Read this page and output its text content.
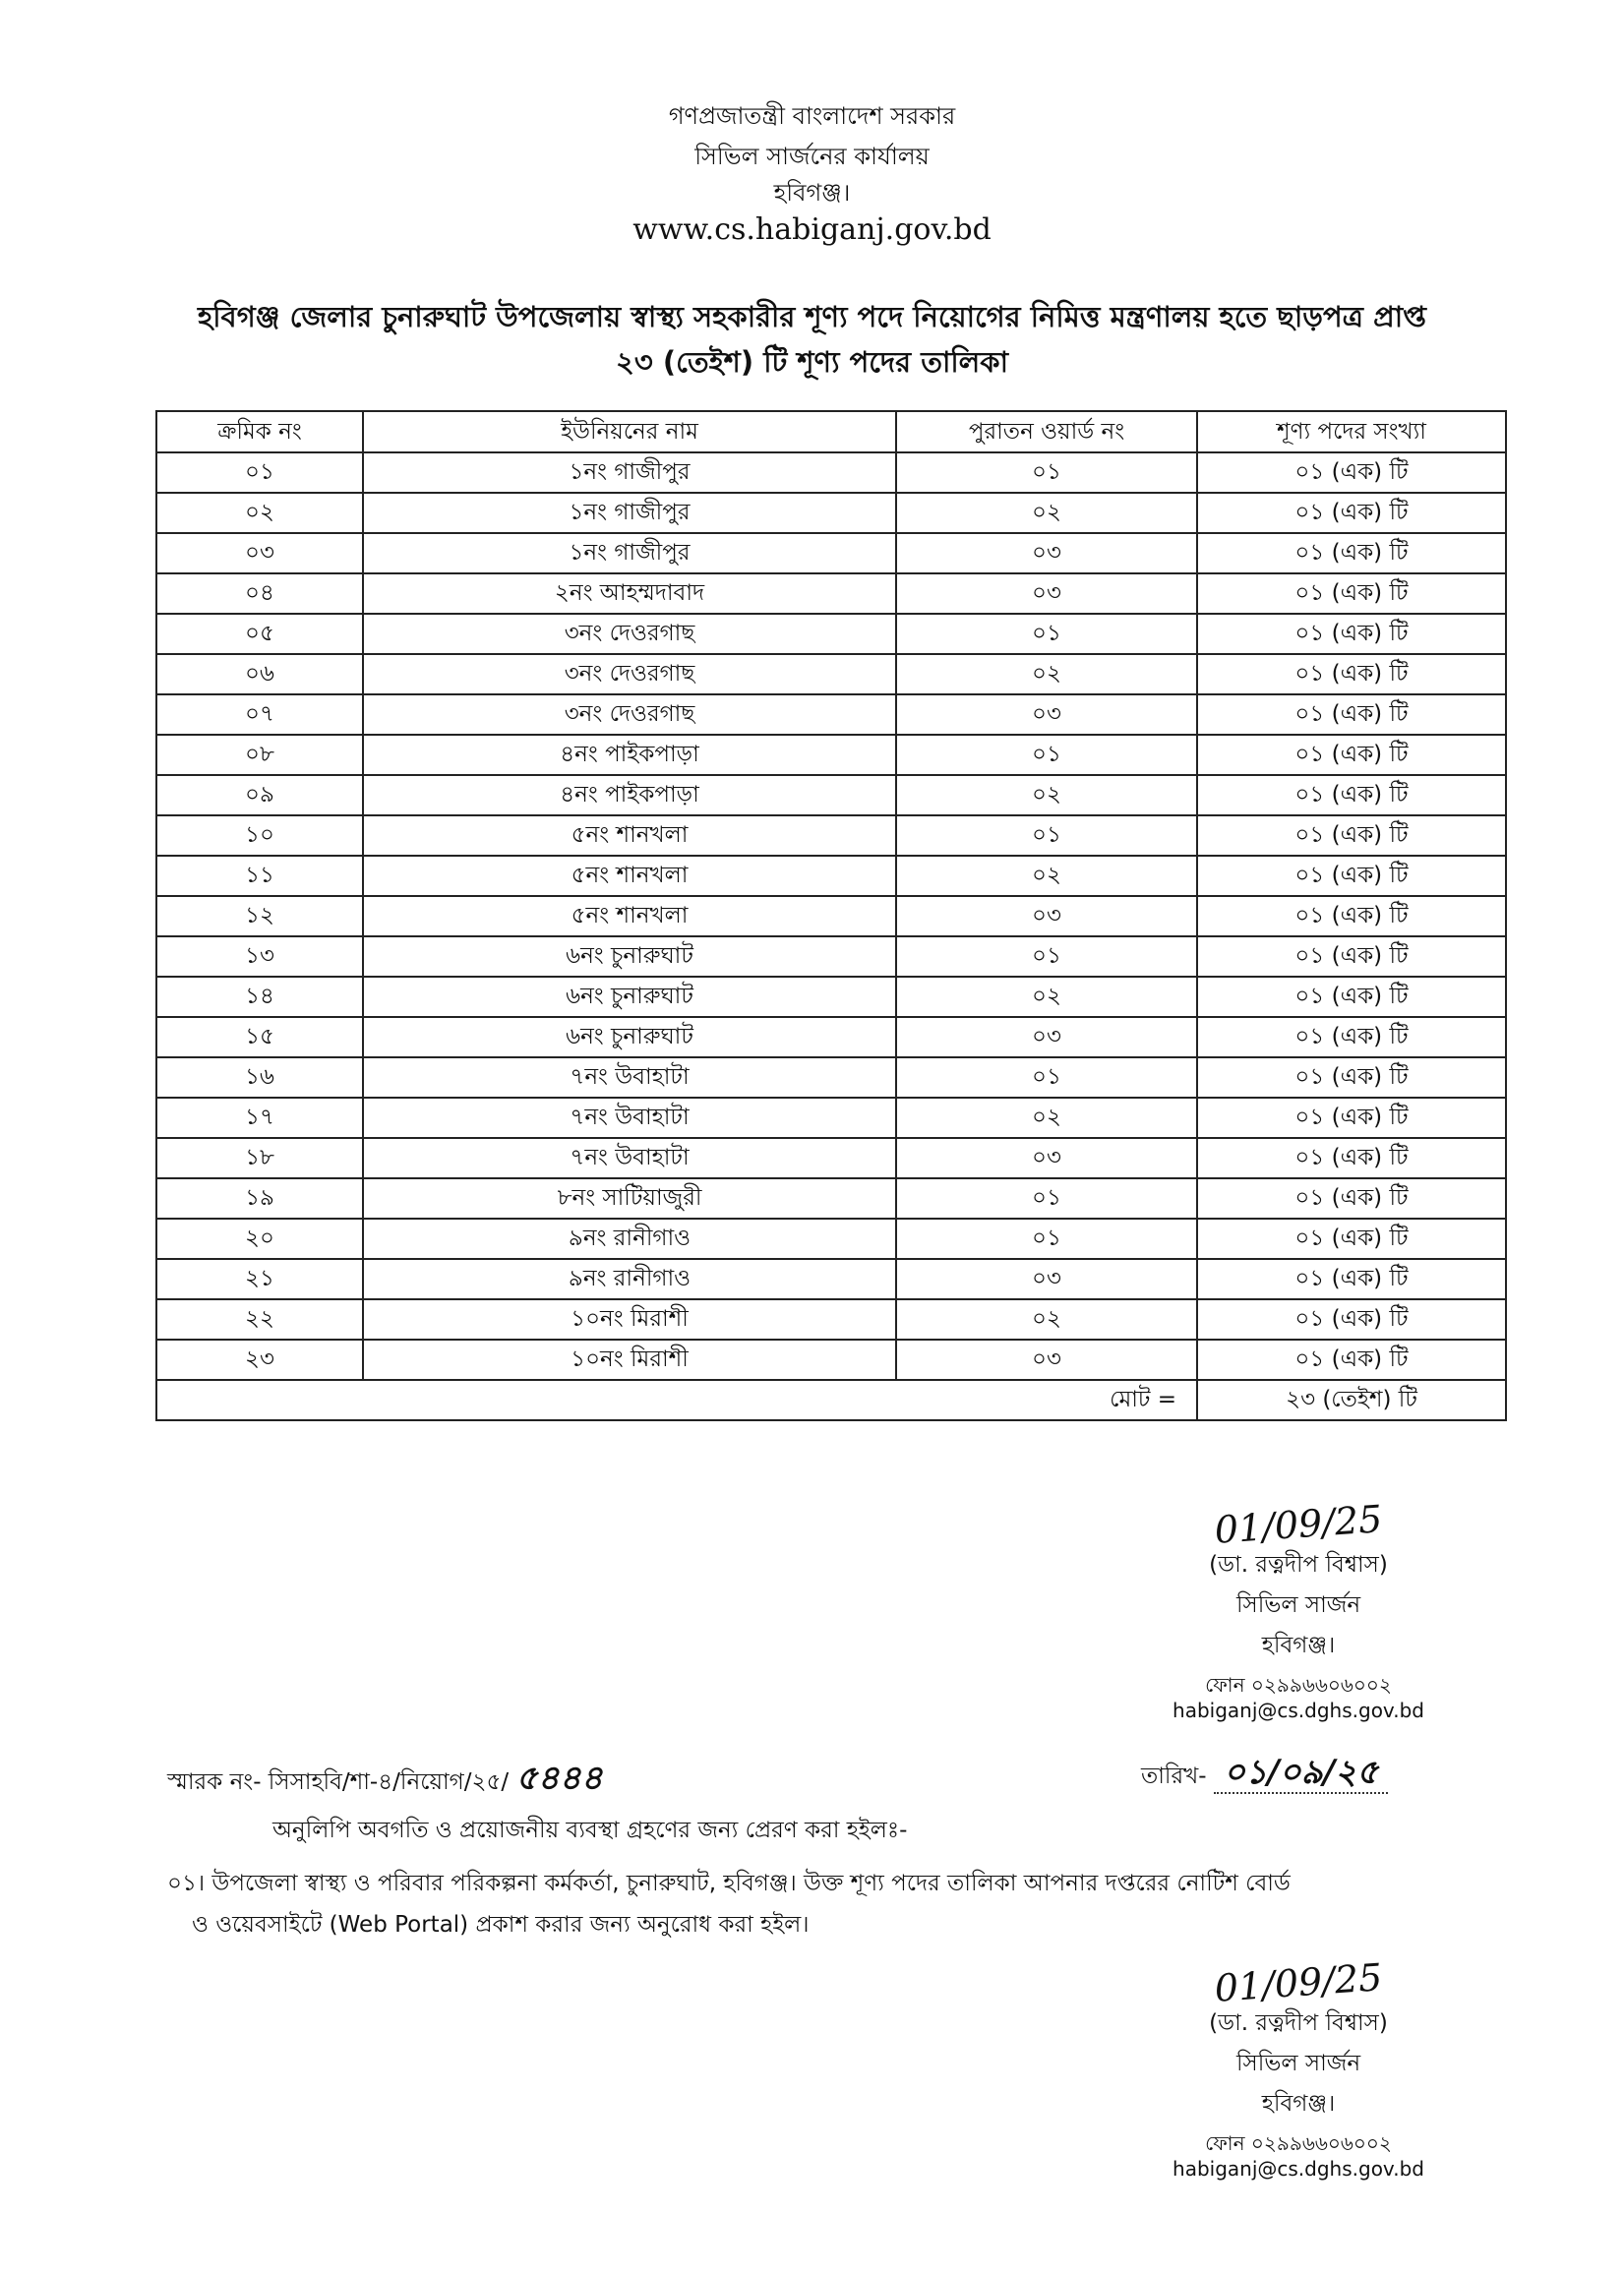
গণপ্রজাতন্ত্রী বাংলাদেশ সরকার
সিভিল সার্জনের কার্যালয়
হবিগঞ্জ।
www.cs.habiganj.gov.bd
হবিগঞ্জ জেলার চুনারুঘাট উপজেলায় স্বাস্থ্য সহকারীর শূণ্য পদে নিয়োগের নিমিত্ত মন্ত্রণালয় হতে ছাড়পত্র প্রাপ্ত
২৩ (তেইশ) টি শূণ্য পদের তালিকা
ক্রমিক নং	ইউনিয়নের নাম	পুরাতন ওয়ার্ড নং	শূণ্য পদের সংখ্যা
০১	১নং গাজীপুর	০১	০১ (এক) টি
০২	১নং গাজীপুর	০২	০১ (এক) টি
০৩	১নং গাজীপুর	০৩	০১ (এক) টি
০৪	২নং আহম্মদাবাদ	০৩	০১ (এক) টি
০৫	৩নং দেওরগাছ	০১	০১ (এক) টি
০৬	৩নং দেওরগাছ	০২	০১ (এক) টি
০৭	৩নং দেওরগাছ	০৩	০১ (এক) টি
০৮	৪নং পাইকপাড়া	০১	০১ (এক) টি
০৯	৪নং পাইকপাড়া	০২	০১ (এক) টি
১০	৫নং শানখলা	০১	০১ (এক) টি
১১	৫নং শানখলা	০২	০১ (এক) টি
১২	৫নং শানখলা	০৩	০১ (এক) টি
১৩	৬নং চুনারুঘাট	০১	০১ (এক) টি
১৪	৬নং চুনারুঘাট	০২	০১ (এক) টি
১৫	৬নং চুনারুঘাট	০৩	০১ (এক) টি
১৬	৭নং উবাহাটা	০১	০১ (এক) টি
১৭	৭নং উবাহাটা	০২	০১ (এক) টি
১৮	৭নং উবাহাটা	০৩	০১ (এক) টি
১৯	৮নং সাটিয়াজুরী	০১	০১ (এক) টি
২০	৯নং রানীগাও	০১	০১ (এক) টি
২১	৯নং রানীগাও	০৩	০১ (এক) টি
২২	১০নং মিরাশী	০২	০১ (এক) টি
২৩	১০নং মিরাশী	০৩	০১ (এক) টি
মোট =			২৩ (তেইশ) টি
01/09/25
(ডা. রত্নদীপ বিশ্বাস)
সিভিল সার্জন
হবিগঞ্জ।
ফোন ০২৯৯৬৬০৬০০২
habiganj@cs.dghs.gov.bd
স্মারক নং- সিসাহবি/শা-৪/নিয়োগ/২৫/ ৫৪৪৪	তারিখ- ০১/০৯/২৫
অনুলিপি অবগতি ও প্রয়োজনীয় ব্যবস্থা গ্রহণের জন্য প্রেরণ করা হইলঃ-
০১। উপজেলা স্বাস্থ্য ও পরিবার পরিকল্পনা কর্মকর্তা, চুনারুঘাট, হবিগঞ্জ। উক্ত শূণ্য পদের তালিকা আপনার দপ্তরের নোটিশ বোর্ড
ও ওয়েবসাইটে (Web Portal) প্রকাশ করার জন্য অনুরোধ করা হইল।
01/09/25
(ডা. রত্নদীপ বিশ্বাস)
সিভিল সার্জন
হবিগঞ্জ।
ফোন ০২৯৯৬৬০৬০০২
habiganj@cs.dghs.gov.bd
